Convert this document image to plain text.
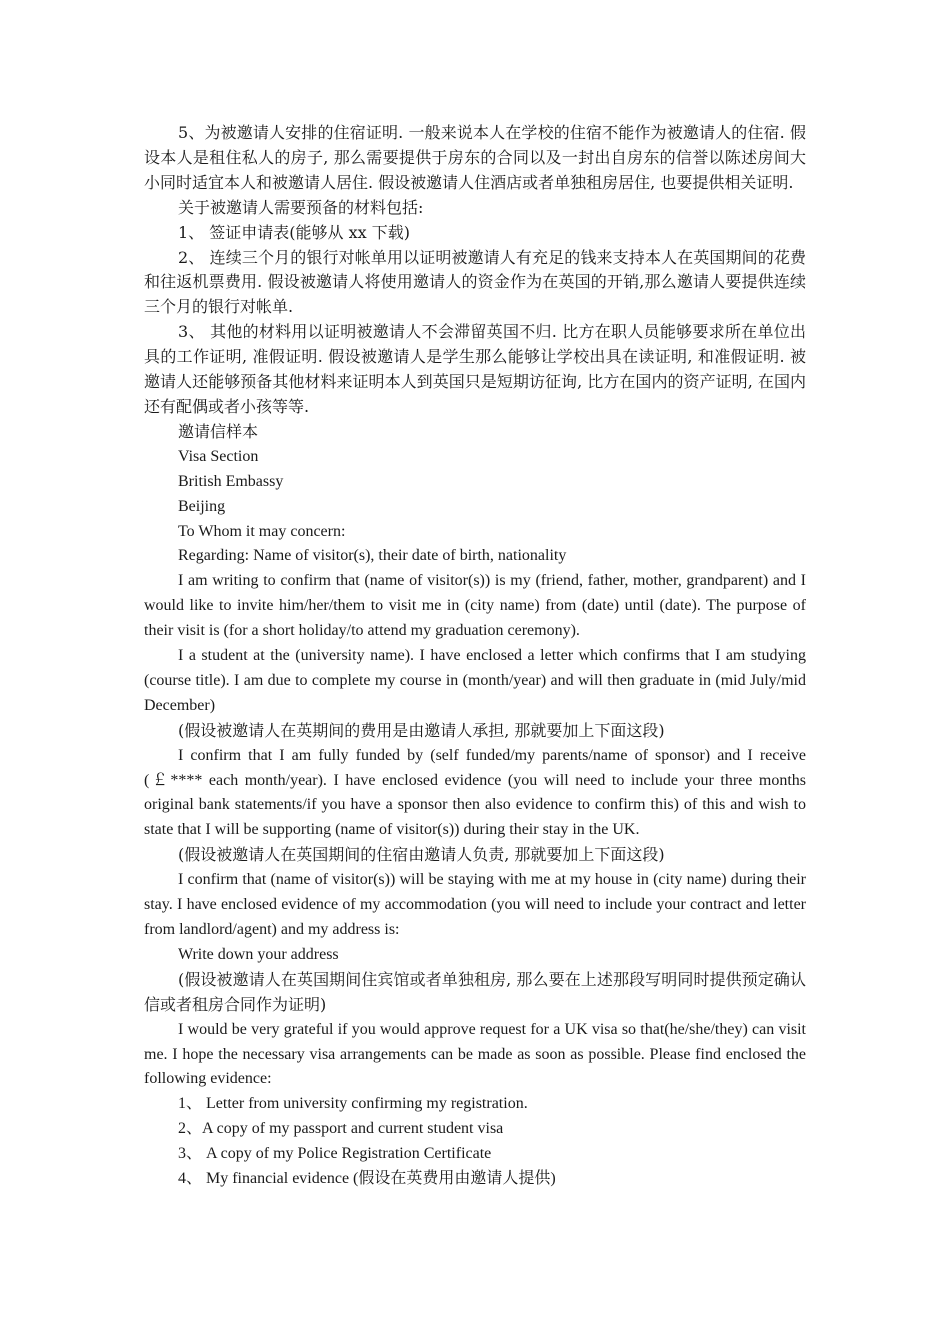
5、为被邀请人安排的住宿证明. 一般来说本人在学校的住宿不能作为被邀请人的住宿. 假设本人是租住私人的房子, 那么需要提供于房东的合同以及一封出自房东的信誉以陈述房间大小同时适宜本人和被邀请人居住. 假设被邀请人住酒店或者单独租房居住, 也要提供相关证明.

关于被邀请人需要预备的材料包括:

1、 签证申请表(能够从 xx 下载)

2、 连续三个月的银行对帐单用以证明被邀请人有充足的钱来支持本人在英国期间的花费和往返机票费用. 假设被邀请人将使用邀请人的资金作为在英国的开销,那么邀请人要提供连续三个月的银行对帐单.

3、 其他的材料用以证明被邀请人不会滞留英国不归. 比方在职人员能够要求所在单位出具的工作证明, 准假证明. 假设被邀请人是学生那么能够让学校出具在读证明, 和准假证明. 被邀请人还能够预备其他材料来证明本人到英国只是短期访征询, 比方在国内的资产证明, 在国内还有配偶或者小孩等等.

邀请信样本

Visa Section

British Embassy

Beijing

To Whom it may concern:

Regarding: Name of visitor(s), their date of birth, nationality

I am writing to confirm that (name of visitor(s)) is my (friend, father, mother, grandparent) and I would like to invite him/her/them to visit me in (city name) from (date) until (date). The purpose of their visit is (for a short holiday/to attend my graduation ceremony).

I a student at the (university name). I have enclosed a letter which confirms that I am studying (course title). I am due to complete my course in (month/year) and will then graduate in (mid July/mid December)

(假设被邀请人在英期间的费用是由邀请人承担, 那就要加上下面这段)

I confirm that I am fully funded by (self funded/my parents/name of sponsor) and I receive (￡**** each month/year). I have enclosed evidence (you will need to include your three months original bank statements/if you have a sponsor then also evidence to confirm this) of this and wish to state that I will be supporting (name of visitor(s)) during their stay in the UK.

(假设被邀请人在英国期间的住宿由邀请人负责, 那就要加上下面这段)

I confirm that (name of visitor(s)) will be staying with me at my house in (city name) during their stay. I have enclosed evidence of my accommodation (you will need to include your contract and letter from landlord/agent) and my address is:

Write down your address

(假设被邀请人在英国期间住宾馆或者单独租房, 那么要在上述那段写明同时提供预定确认信或者租房合同作为证明)

I would be very grateful if you would approve request for a UK visa so that(he/she/they) can visit me. I hope the necessary visa arrangements can be made as soon as possible. Please find enclosed the following evidence:

1、 Letter from university confirming my registration.

2、A copy of my passport and current student visa

3、 A copy of my Police Registration Certificate

4、 My financial evidence (假设在英费用由邀请人提供)
